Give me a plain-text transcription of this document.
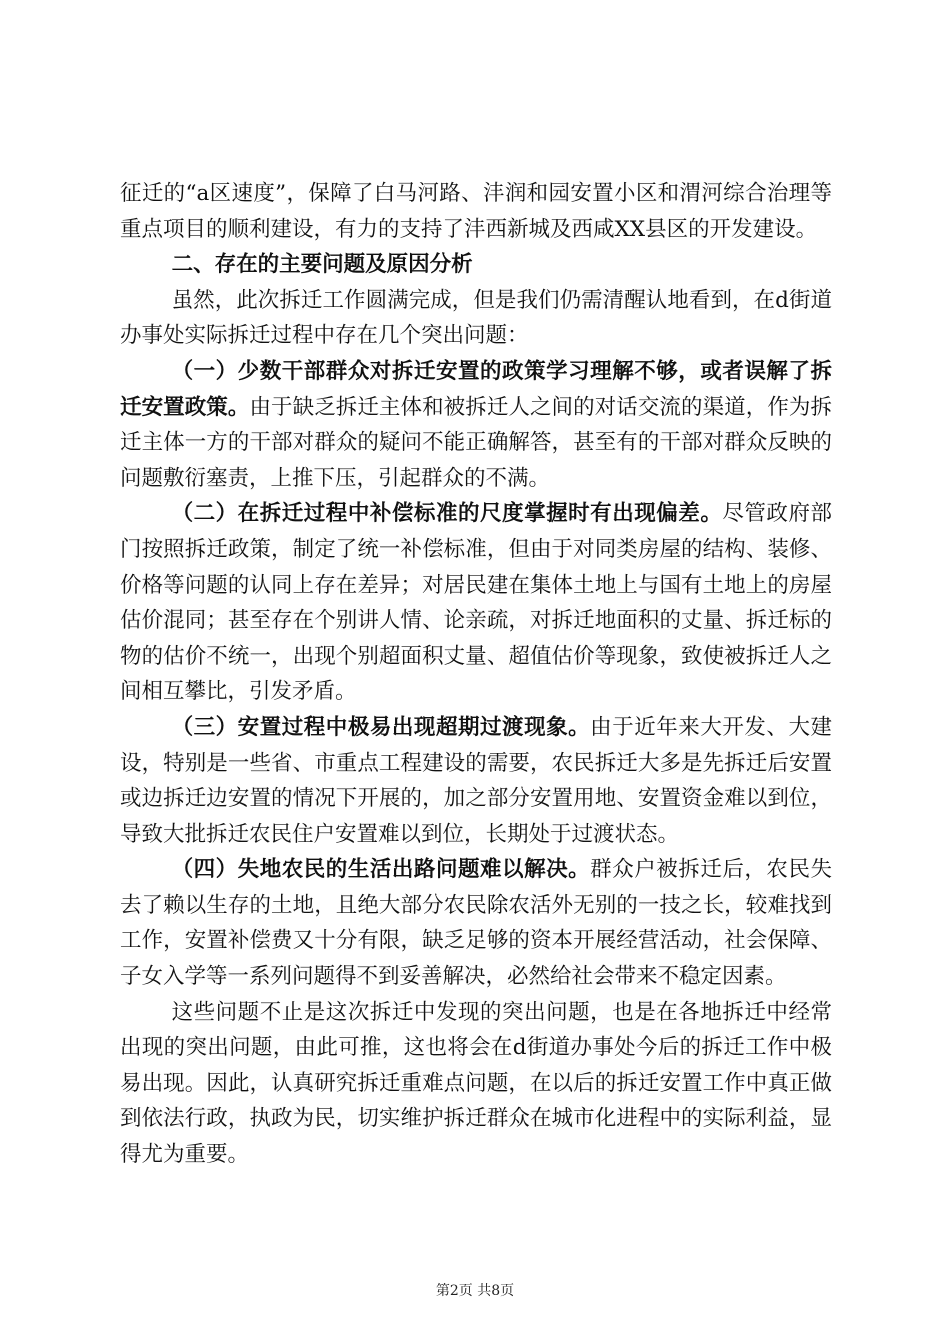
征迁的“a区速度”，保障了白马河路、沣润和园安置小区和渭河综合治理等重点项目的顺利建设，有力的支持了沣西新城及西咸XX县区的开发建设。

二、存在的主要问题及原因分析

虽然，此次拆迁工作圆满完成，但是我们仍需清醒认地看到，在d街道办事处实际拆迁过程中存在几个突出问题：

（一）少数干部群众对拆迁安置的政策学习理解不够，或者误解了拆迁安置政策。由于缺乏拆迁主体和被拆迁人之间的对话交流的渠道，作为拆迁主体一方的干部对群众的疑问不能正确解答，甚至有的干部对群众反映的问题敷衍塞责，上推下压，引起群众的不满。

（二）在拆迁过程中补偿标准的尺度掌握时有出现偏差。尽管政府部门按照拆迁政策，制定了统一补偿标准，但由于对同类房屋的结构、装修、价格等问题的认同上存在差异；对居民建在集体土地上与国有土地上的房屋估价混同；甚至存在个别讲人情、论亲疏，对拆迁地面积的丈量、拆迁标的物的估价不统一，出现个别超面积丈量、超值估价等现象，致使被拆迁人之间相互攀比，引发矛盾。

（三）安置过程中极易出现超期过渡现象。由于近年来大开发、大建设，特别是一些省、市重点工程建设的需要，农民拆迁大多是先拆迁后安置或边拆迁边安置的情况下开展的，加之部分安置用地、安置资金难以到位，导致大批拆迁农民住户安置难以到位，长期处于过渡状态。

（四）失地农民的生活出路问题难以解决。群众户被拆迁后，农民失去了赖以生存的土地，且绝大部分农民除农活外无别的一技之长，较难找到工作，安置补偿费又十分有限，缺乏足够的资本开展经营活动，社会保障、子女入学等一系列问题得不到妥善解决，必然给社会带来不稳定因素。

这些问题不止是这次拆迁中发现的突出问题，也是在各地拆迁中经常出现的突出问题，由此可推，这也将会在d街道办事处今后的拆迁工作中极易出现。因此，认真研究拆迁重难点问题，在以后的拆迁安置工作中真正做到依法行政，执政为民，切实维护拆迁群众在城市化进程中的实际利益，显得尤为重要。

第2页 共8页
